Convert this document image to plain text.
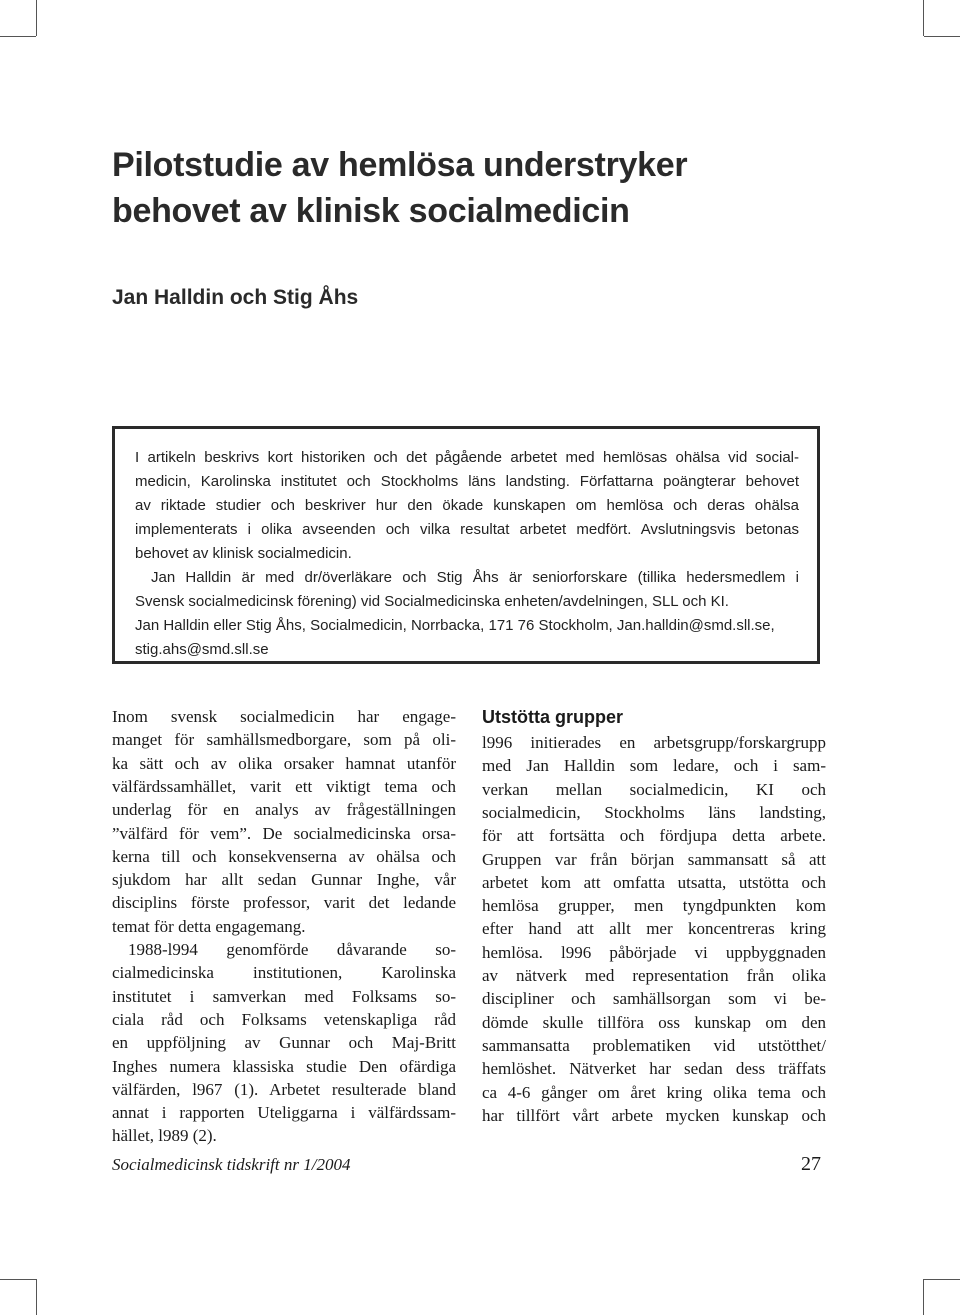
Pilotstudie av hemlösa understryker
behovet av klinisk socialmedicin
Jan Halldin och Stig Åhs

I artikeln beskrivs kort historiken och det pågående arbetet med hemlösas ohälsa vid social-

medicin, Karolinska institutet och Stockholms läns landsting. Författarna poängterar behovet

av riktade studier och beskriver hur den ökade kunskapen om hemlösa och deras ohälsa

implementerats i olika avseenden och vilka resultat arbetet medfört. Avslutningsvis betonas

behovet av klinisk socialmedicin.

Jan Halldin är med dr/överläkare och Stig Åhs är seniorforskare (tillika hedersmedlem i

Svensk socialmedicinsk förening) vid Socialmedicinska enheten/avdelningen, SLL och KI.

Jan Halldin eller Stig Åhs, Socialmedicin, Norrbacka, 171 76 Stockholm, Jan.halldin@smd.sll.se,

stig.ahs@smd.sll.se

Inom svensk socialmedicin har engage-
manget för samhällsmedborgare, som på oli-
ka sätt och av olika orsaker hamnat utanför
välfärdssamhället, varit ett viktigt tema och
underlag för en analys av frågeställningen
”välfärd för vem”. De socialmedicinska orsa-
kerna till och konsekvenserna av ohälsa och
sjukdom har allt sedan Gunnar Inghe, vår
disciplins förste professor, varit det ledande
temat för detta engagemang.
1988-l994 genomförde dåvarande so-
cialmedicinska institutionen, Karolinska
institutet i samverkan med Folksams so-
ciala råd och Folksams vetenskapliga råd
en uppföljning av Gunnar och Maj-Britt
Inghes numera klassiska studie Den ofärdiga
välfärden, l967 (1). Arbetet resulterade bland
annat i rapporten Uteliggarna i välfärdssam-
hället, l989 (2).
Utstötta grupper
l996 initierades en arbetsgrupp/forskargrupp
med Jan Halldin som ledare, och i sam-
verkan mellan socialmedicin, KI och
socialmedicin, Stockholms läns landsting,
för att fortsätta och fördjupa detta arbete.
Gruppen var från början sammansatt så att
arbetet kom att omfatta utsatta, utstötta och
hemlösa grupper, men tyngdpunkten kom
efter hand att allt mer koncentreras kring
hemlösa. l996 påbörjade vi uppbyggnaden
av nätverk med representation från olika
discipliner och samhällsorgan som vi be-
dömde skulle tillföra oss kunskap om den
sammansatta problematiken vid utstötthet/
hemlöshet. Nätverket har sedan dess träffats
ca 4-6 gånger om året kring olika tema och
har tillfört vårt arbete mycken kunskap och
Socialmedicinsk tidskrift nr 1/2004	27
